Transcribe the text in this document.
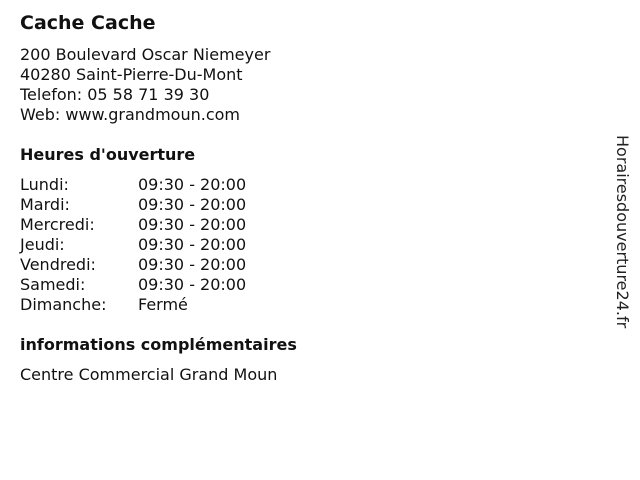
Cache Cache
200 Boulevard Oscar Niemeyer
40280 Saint-Pierre-Du-Mont
Telefon: 05 58 71 39 30
Web: www.grandmoun.com
Heures d'ouverture
Lundi:	09:30 - 20:00
Mardi:	09:30 - 20:00
Mercredi:	09:30 - 20:00
Jeudi:	09:30 - 20:00
Vendredi:	09:30 - 20:00
Samedi:	09:30 - 20:00
Dimanche:	Fermé
informations complémentaires
Centre Commercial Grand Moun
Horairesdouverture24.fr
